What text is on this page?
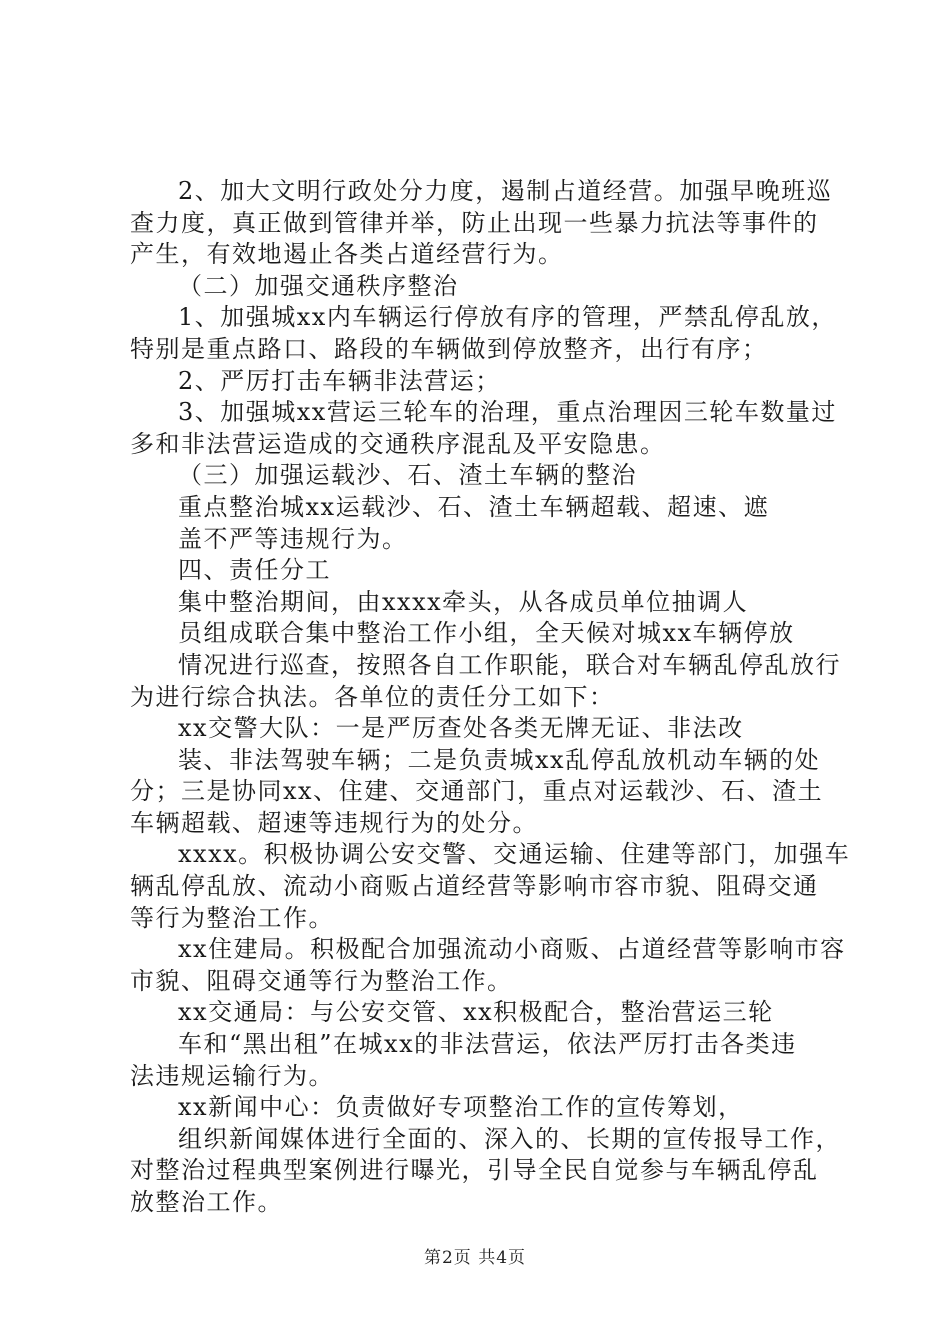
2、加大文明行政处分力度，遏制占道经营。加强早晚班巡
查力度，真正做到管律并举，防止出现一些暴力抗法等事件的
产生，有效地遏止各类占道经营行为。
（二）加强交通秩序整治
1、加强城xx内车辆运行停放有序的管理，严禁乱停乱放，
特别是重点路口、路段的车辆做到停放整齐，出行有序；
2、严厉打击车辆非法营运；
3、加强城xx营运三轮车的治理，重点治理因三轮车数量过
多和非法营运造成的交通秩序混乱及平安隐患。
（三）加强运载沙、石、渣土车辆的整治
重点整治城xx运载沙、石、渣土车辆超载、超速、遮
盖不严等违规行为。
四、责任分工
集中整治期间，由xxxx牵头，从各成员单位抽调人
员组成联合集中整治工作小组，全天候对城xx车辆停放
情况进行巡查，按照各自工作职能，联合对车辆乱停乱放行
为进行综合执法。各单位的责任分工如下：
xx交警大队：一是严厉查处各类无牌无证、非法改
装、非法驾驶车辆；二是负责城xx乱停乱放机动车辆的处
分；三是协同xx、住建、交通部门，重点对运载沙、石、渣土
车辆超载、超速等违规行为的处分。
xxxx。积极协调公安交警、交通运输、住建等部门，加强车
辆乱停乱放、流动小商贩占道经营等影响市容市貌、阻碍交通
等行为整治工作。
xx住建局。积极配合加强流动小商贩、占道经营等影响市容
市貌、阻碍交通等行为整治工作。
xx交通局：与公安交管、xx积极配合，整治营运三轮
车和“黑出租”在城xx的非法营运，依法严厉打击各类违
法违规运输行为。
xx新闻中心：负责做好专项整治工作的宣传筹划，
组织新闻媒体进行全面的、深入的、长期的宣传报导工作，
对整治过程典型案例进行曝光，引导全民自觉参与车辆乱停乱
放整治工作。
第2页 共4页
